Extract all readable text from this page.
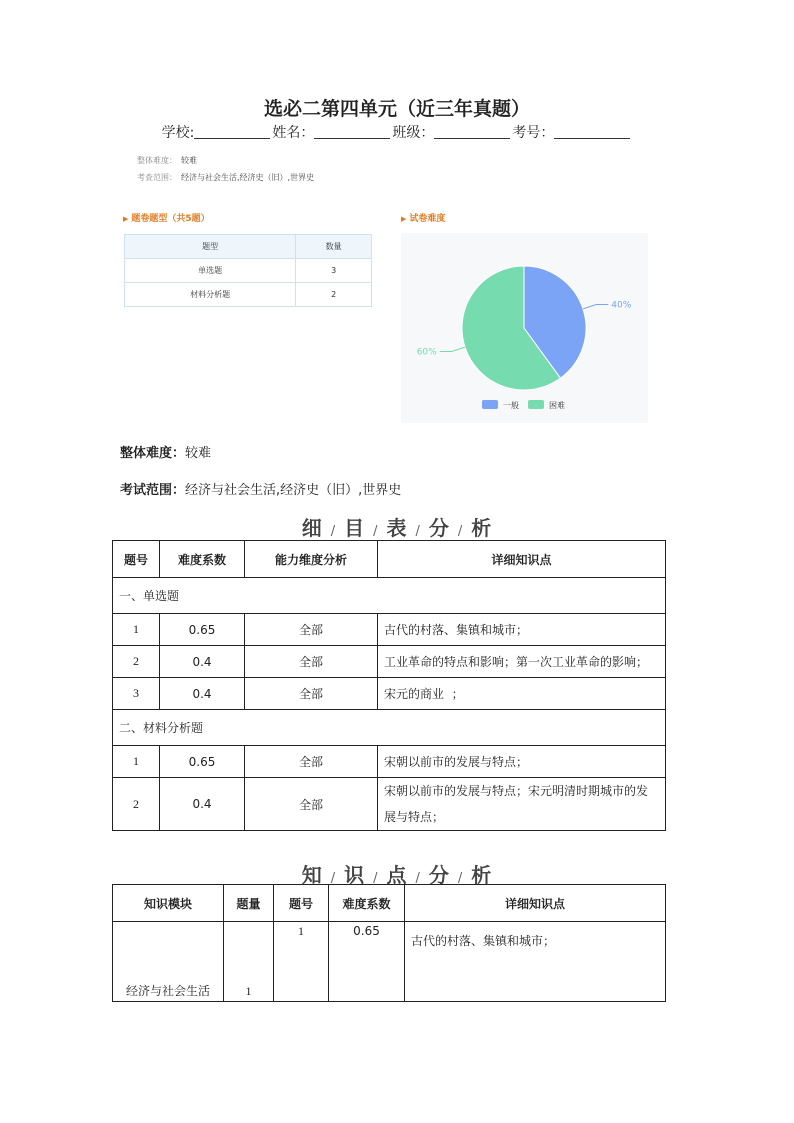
选必二第四单元（近三年真题）
学校:	姓名：	班级：	考号：
整体难度： 较难
考查范围： 经济与社会生活,经济史（旧）,世界史
▶ 题卷题型（共5题）
题型	数量
单选题	3
材料分析题	2
▶ 试卷难度
40%
60%
一般	困难
整体难度：较难
考试范围：经济与社会生活,经济史（旧）,世界史
细 / 目 / 表 / 分 / 析
题号	难度系数	能力维度分析	详细知识点
一、单选题			
1	0.65	全部	古代的村落、集镇和城市；
2	0.4	全部	工业革命的特点和影响；第一次工业革命的影响；
3	0.4	全部	宋元的商业  ；
二、材料分析题			
1	0.65	全部	宋朝以前市的发展与特点；
2	0.4	全部	宋朝以前市的发展与特点；宋元明清时期城市的发展与特点；
知 / 识 / 点 / 分 / 析
知识模块	题量	题号	难度系数	详细知识点
经济与社会生活	1	1	0.65	古代的村落、集镇和城市；
